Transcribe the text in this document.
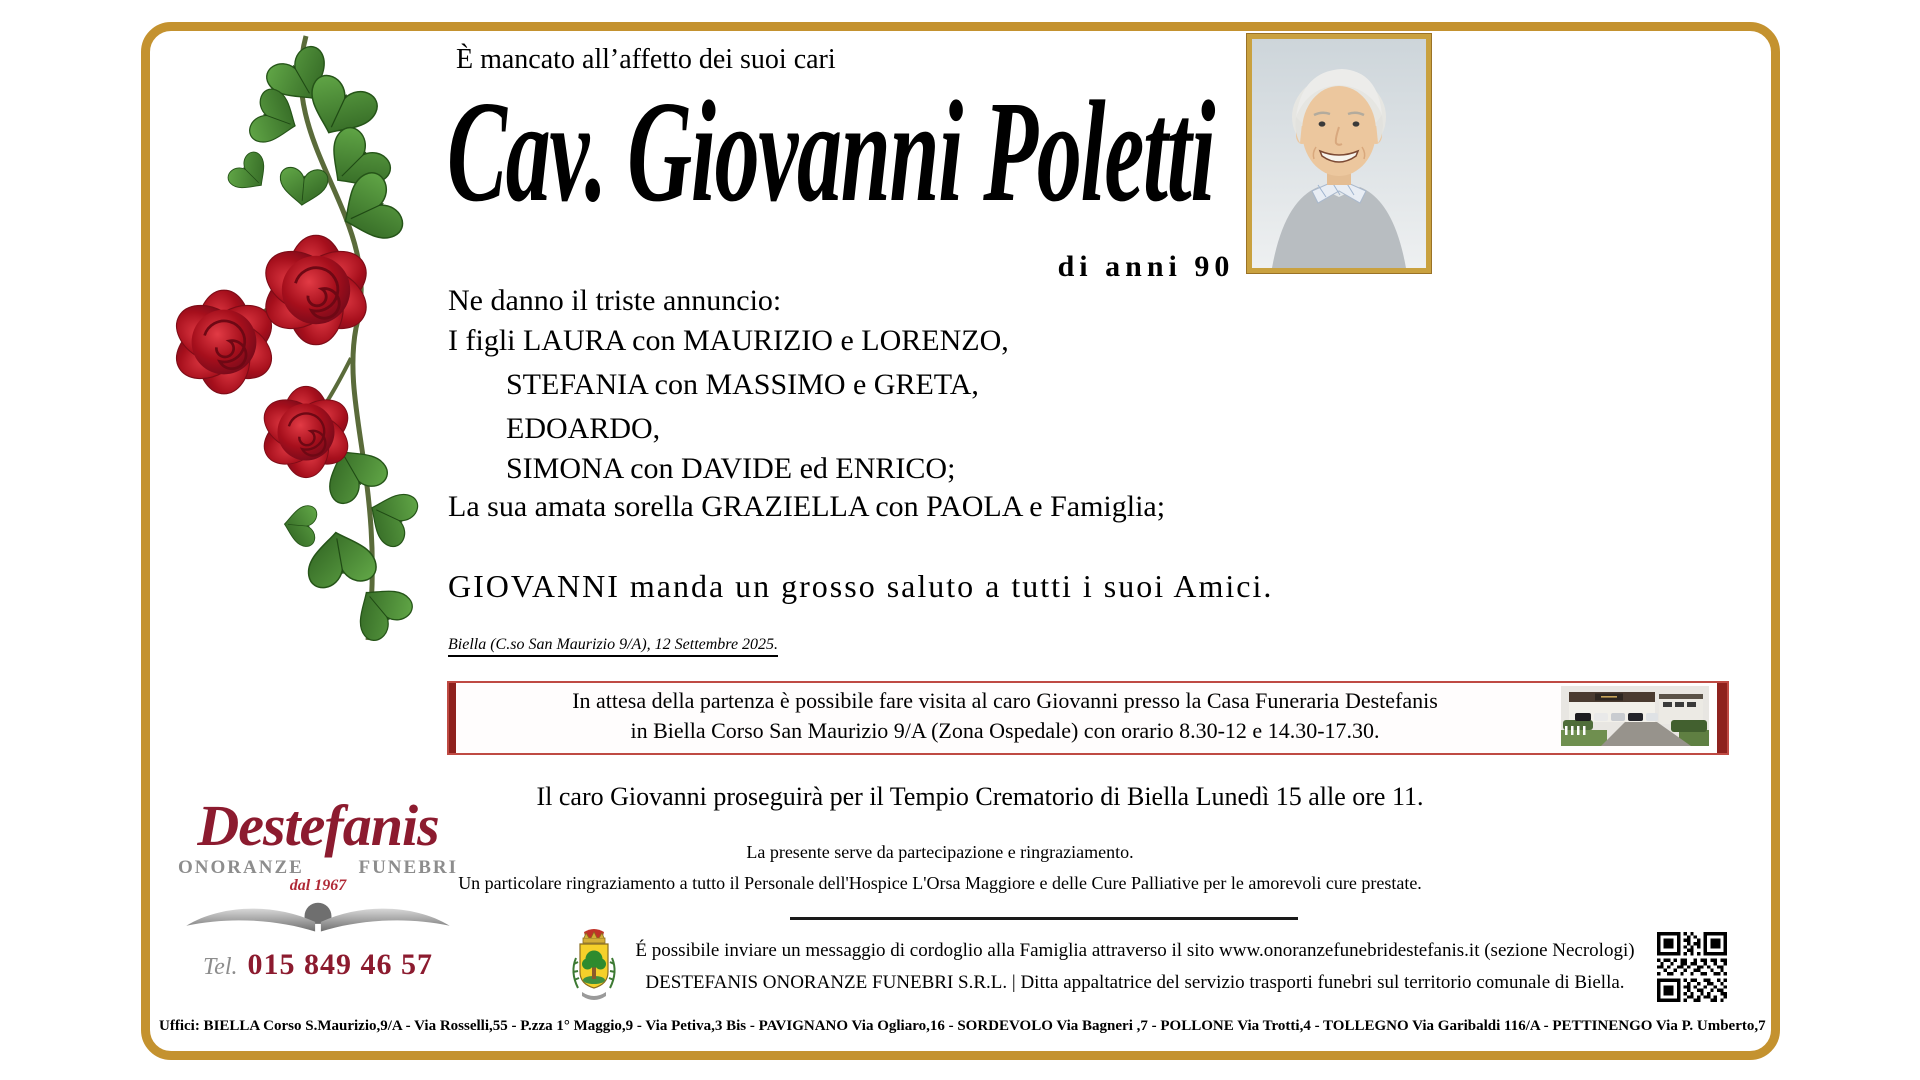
È mancato all’affetto dei suoi cari
Cav. Giovanni Poletti
di anni 90
Ne danno il triste annuncio:
I figli LAURA con MAURIZIO e LORENZO,
STEFANIA con MASSIMO e GRETA,
EDOARDO,
SIMONA con DAVIDE ed ENRICO;
La sua amata sorella GRAZIELLA con PAOLA e Famiglia;
GIOVANNI manda un grosso saluto a tutti i suoi Amici.
Biella (C.so San Maurizio 9/A), 12 Settembre 2025.
In attesa della partenza è possibile fare visita al caro Giovanni presso la Casa Funeraria Destefanis
in Biella Corso San Maurizio 9/A (Zona Ospedale) con orario 8.30-12 e 14.30-17.30.
Il caro Giovanni proseguirà per il Tempio Crematorio di Biella Lunedì 15 alle ore 11.
La presente serve da partecipazione e ringraziamento.
Un particolare ringraziamento a tutto il Personale dell'Hospice L'Orsa Maggiore e delle Cure Palliative per le amorevoli cure prestate.
É possibile inviare un messaggio di cordoglio alla Famiglia attraverso il sito www.onoranzefunebridestefanis.it (sezione Necrologi)
DESTEFANIS ONORANZE FUNEBRI S.R.L. | Ditta appaltatrice del servizio trasporti funebri sul territorio comunale di Biella.
Destefanis
ONORANZE	FUNEBRI
dal 1967
Tel. 015 849 46 57
Uffici: BIELLA Corso S.Maurizio,9/A - Via Rosselli,55 - P.zza 1° Maggio,9 - Via Petiva,3 Bis - PAVIGNANO Via Ogliaro,16 - SORDEVOLO Via Bagneri ,7 - POLLONE Via Trotti,4 - TOLLEGNO Via Garibaldi 116/A - PETTINENGO Via P. Umberto,7
